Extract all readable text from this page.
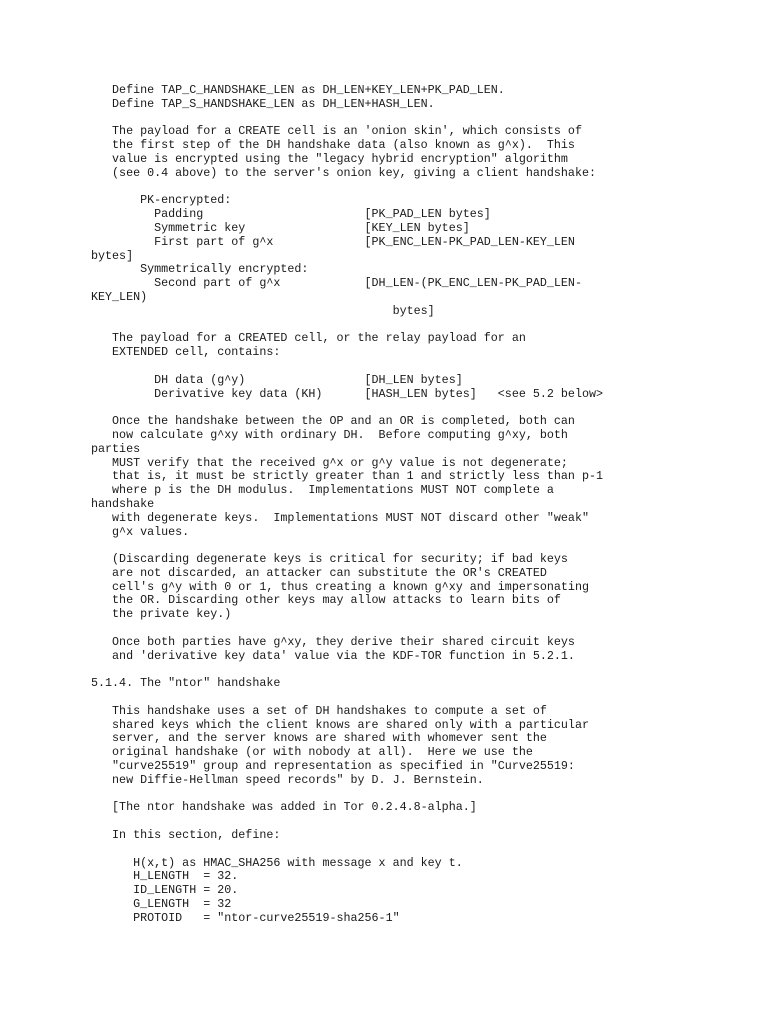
Define TAP_C_HANDSHAKE_LEN as DH_LEN+KEY_LEN+PK_PAD_LEN.
Define TAP_S_HANDSHAKE_LEN as DH_LEN+HASH_LEN.

The payload for a CREATE cell is an 'onion skin', which consists of
the first step of the DH handshake data (also known as g^x).  This
value is encrypted using the "legacy hybrid encryption" algorithm
(see 0.4 above) to the server's onion key, giving a client handshake:

PK-encrypted:
Padding                       [PK_PAD_LEN bytes]
Symmetric key                 [KEY_LEN bytes]
First part of g^x             [PK_ENC_LEN-PK_PAD_LEN-KEY_LEN
bytes]
Symmetrically encrypted:
Second part of g^x            [DH_LEN-(PK_ENC_LEN-PK_PAD_LEN-
KEY_LEN)
bytes]

The payload for a CREATED cell, or the relay payload for an
EXTENDED cell, contains:

DH data (g^y)                 [DH_LEN bytes]
Derivative key data (KH)      [HASH_LEN bytes]   <see 5.2 below>

Once the handshake between the OP and an OR is completed, both can
now calculate g^xy with ordinary DH.  Before computing g^xy, both
parties
MUST verify that the received g^x or g^y value is not degenerate;
that is, it must be strictly greater than 1 and strictly less than p-1
where p is the DH modulus.  Implementations MUST NOT complete a
handshake
with degenerate keys.  Implementations MUST NOT discard other "weak"
g^x values.

(Discarding degenerate keys is critical for security; if bad keys
are not discarded, an attacker can substitute the OR's CREATED
cell's g^y with 0 or 1, thus creating a known g^xy and impersonating
the OR. Discarding other keys may allow attacks to learn bits of
the private key.)

Once both parties have g^xy, they derive their shared circuit keys
and 'derivative key data' value via the KDF-TOR function in 5.2.1.

5.1.4. The "ntor" handshake

This handshake uses a set of DH handshakes to compute a set of
shared keys which the client knows are shared only with a particular
server, and the server knows are shared with whomever sent the
original handshake (or with nobody at all).  Here we use the
"curve25519" group and representation as specified in "Curve25519:
new Diffie-Hellman speed records" by D. J. Bernstein.

[The ntor handshake was added in Tor 0.2.4.8-alpha.]

In this section, define:

H(x,t) as HMAC_SHA256 with message x and key t.
H_LENGTH  = 32.
ID_LENGTH = 20.
G_LENGTH  = 32
PROTOID   = "ntor-curve25519-sha256-1"
